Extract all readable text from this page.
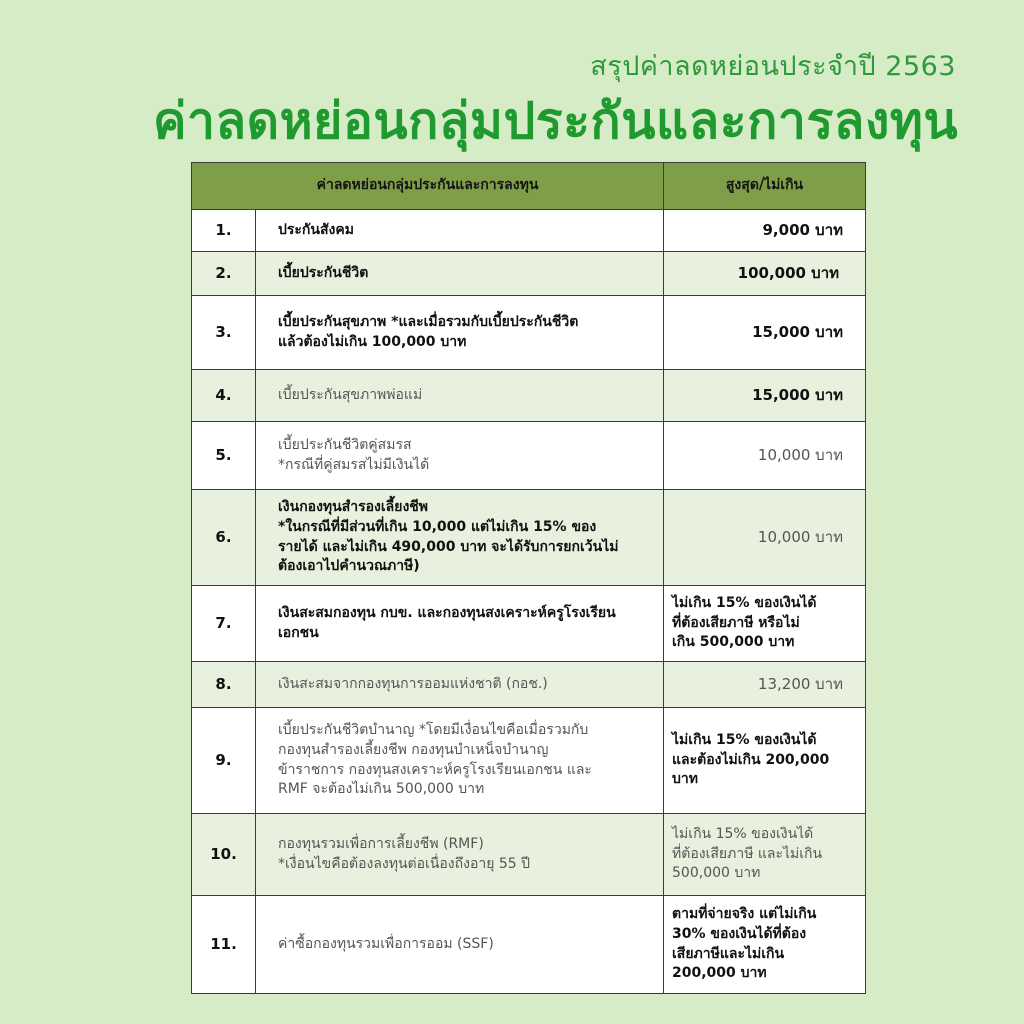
สรุปค่าลดหย่อนประจำปี 2563
ค่าลดหย่อนกลุ่มประกันและการลงทุน
ค่าลดหย่อนกลุ่มประกันและการลงทุน		สูงสุด/ไม่เกิน
1.	ประกันสังคม	9,000 บาท

2.	เบี้ยประกันชีวิต	100,000 บาท

3.	เบี้ยประกันสุขภาพ *และเมื่อรวมกับเบี้ยประกันชีวิต
แล้วต้องไม่เกิน 100,000 บาท	15,000 บาท

4.	เบี้ยประกันสุขภาพพ่อแม่	15,000 บาท

5.	เบี้ยประกันชีวิตคู่สมรส
*กรณีที่คู่สมรสไม่มีเงินได้	10,000 บาท

6.	เงินกองทุนสำรองเลี้ยงชีพ
*ในกรณีที่มีส่วนที่เกิน 10,000 แต่ไม่เกิน 15% ของ
รายได้ และไม่เกิน 490,000 บาท จะได้รับการยกเว้นไม่
ต้องเอาไปคำนวณภาษี)	10,000 บาท

7.	เงินสะสมกองทุน กบข. และกองทุนสงเคราะห์ครูโรงเรียน
เอกชน	ไม่เกิน 15% ของเงินได้
ที่ต้องเสียภาษี หรือไม่
เกิน 500,000 บาท

8.	เงินสะสมจากกองทุนการออมแห่งชาติ (กอช.)	13,200 บาท

9.	เบี้ยประกันชีวิตบำนาญ *โดยมีเงื่อนไขคือเมื่อรวมกับ
กองทุนสำรองเลี้ยงชีพ กองทุนบำเหน็จบำนาญ
ข้าราชการ กองทุนสงเคราะห์ครูโรงเรียนเอกชน และ
RMF จะต้องไม่เกิน 500,000 บาท	ไม่เกิน 15% ของเงินได้
และต้องไม่เกิน 200,000
บาท

10.	กองทุนรวมเพื่อการเลี้ยงชีพ (RMF)
*เงื่อนไขคือต้องลงทุนต่อเนื่องถึงอายุ 55 ปี	ไม่เกิน 15% ของเงินได้
ที่ต้องเสียภาษี และไม่เกิน
500,000 บาท

11.	ค่าซื้อกองทุนรวมเพื่อการออม (SSF)	ตามที่จ่ายจริง แต่ไม่เกิน
30% ของเงินได้ที่ต้อง
เสียภาษีและไม่เกิน
200,000 บาท
